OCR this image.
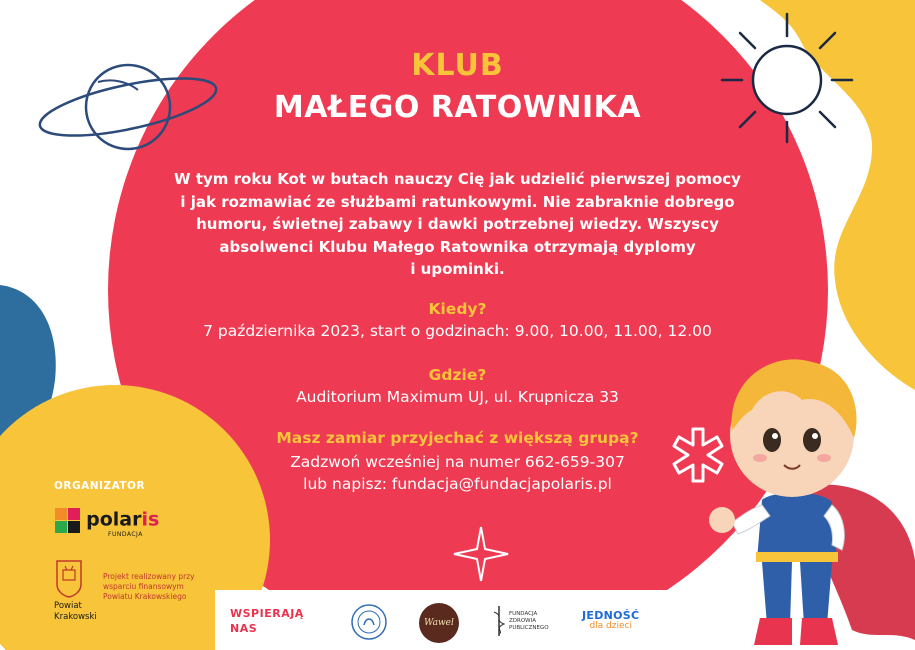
KLUB
MAŁEGO RATOWNIKA
W tym roku Kot w butach nauczy Cię jak udzielić pierwszej pomocy
i jak rozmawiać ze służbami ratunkowymi. Nie zabraknie dobrego
humoru, świetnej zabawy i dawki potrzebnej wiedzy. Wszyscy
absolwenci Klubu Małego Ratownika otrzymają dyplomy
i upominki.
Kiedy?
7 października 2023, start o godzinach: 9.00, 10.00, 11.00, 12.00
Gdzie?
Auditorium Maximum UJ, ul. Krupnicza 33
Masz zamiar przyjechać z większą grupą?
Zadzwoń wcześniej na numer 662-659-307
lub napisz: fundacja@fundacjapolaris.pl
ORGANIZATOR
polaris
FUNDACJA
Powiat
Krakowski
Projekt realizowany przy wsparciu finansowym Powiatu Krakowskiego
WSPIERAJĄ
NAS	Wawel
FUNDACJA
ZDROWIA
PUBLICZNEGO
JEDNOŚĆ
dla dzieci
